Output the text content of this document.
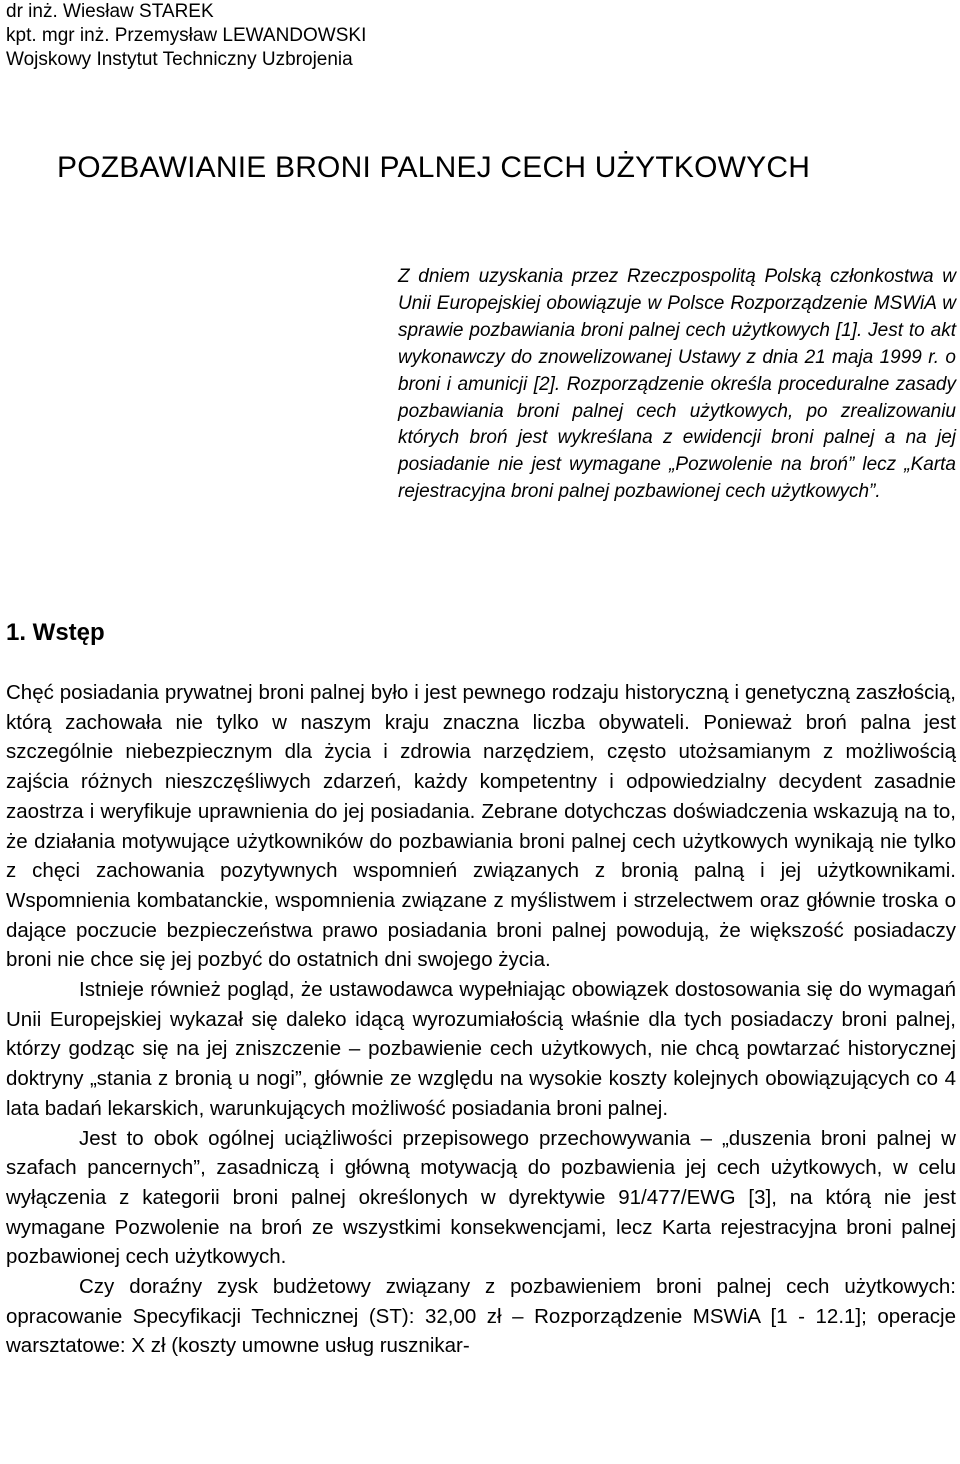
dr inż. Wiesław STAREK
kpt. mgr inż. Przemysław LEWANDOWSKI
Wojskowy Instytut Techniczny Uzbrojenia
POZBAWIANIE BRONI PALNEJ CECH UŻYTKOWYCH
Z dniem uzyskania przez Rzeczpospolitą Polską członkostwa w Unii Europejskiej obowiązuje w Polsce Rozporządzenie MSWiA w sprawie pozbawiania broni palnej cech użytkowych [1]. Jest to akt wykonawczy do znowelizowanej Ustawy z dnia 21 maja 1999 r. o broni i amunicji [2]. Rozporządzenie określa proceduralne zasady pozbawiania broni palnej cech użytkowych, po zrealizowaniu których broń jest wykreślana z ewidencji broni palnej a na jej posiadanie nie jest wymagane „Pozwolenie na broń” lecz „Karta rejestracyjna broni palnej pozbawionej cech użytkowych”.
1. Wstęp

Chęć posiadania prywatnej broni palnej było i jest pewnego rodzaju historyczną i genetyczną zaszłością, którą zachowała nie tylko w naszym kraju znaczna liczba obywateli. Ponieważ broń palna jest szczególnie niebezpiecznym dla życia i zdrowia narzędziem, często utożsamianym z możliwością zajścia różnych nieszczęśliwych zdarzeń, każdy kompetentny i odpowiedzialny decydent zasadnie zaostrza i weryfikuje uprawnienia do jej posiadania. Zebrane dotychczas doświadczenia wskazują na to, że działania motywujące użytkowników do pozbawiania broni palnej cech użytkowych wynikają nie tylko z chęci zachowania pozytywnych wspomnień związanych z bronią palną i jej użytkownikami. Wspomnienia kombatanckie, wspomnienia związane z myślistwem i strzelectwem oraz głównie troska o dające poczucie bezpieczeństwa prawo posiadania broni palnej powodują, że większość posiadaczy broni nie chce się jej pozbyć do ostatnich dni swojego życia.

Istnieje również pogląd, że ustawodawca wypełniając obowiązek dostosowania się do wymagań Unii Europejskiej wykazał się daleko idącą wyrozumiałością właśnie dla tych posiadaczy broni palnej, którzy godząc się na jej zniszczenie – pozbawienie cech użytkowych, nie chcą powtarzać historycznej doktryny „stania z bronią u nogi”, głównie ze względu na wysokie koszty kolejnych obowiązujących co 4 lata badań lekarskich, warunkujących możliwość posiadania broni palnej.

Jest to obok ogólnej uciążliwości przepisowego przechowywania – „duszenia broni palnej w szafach pancernych”, zasadniczą i główną motywacją do pozbawienia jej cech użytkowych, w celu wyłączenia z kategorii broni palnej określonych w dyrektywie 91/477/EWG [3], na którą nie jest wymagane Pozwolenie na broń ze wszystkimi konsekwencjami, lecz Karta rejestracyjna broni palnej pozbawionej cech użytkowych.

Czy doraźny zysk budżetowy związany z pozbawieniem broni palnej cech użytkowych: opracowanie Specyfikacji Technicznej (ST): 32,00 zł – Rozporządzenie MSWiA [1 - 12.1]; operacje warsztatowe: X zł (koszty umowne usług rusznikar-
